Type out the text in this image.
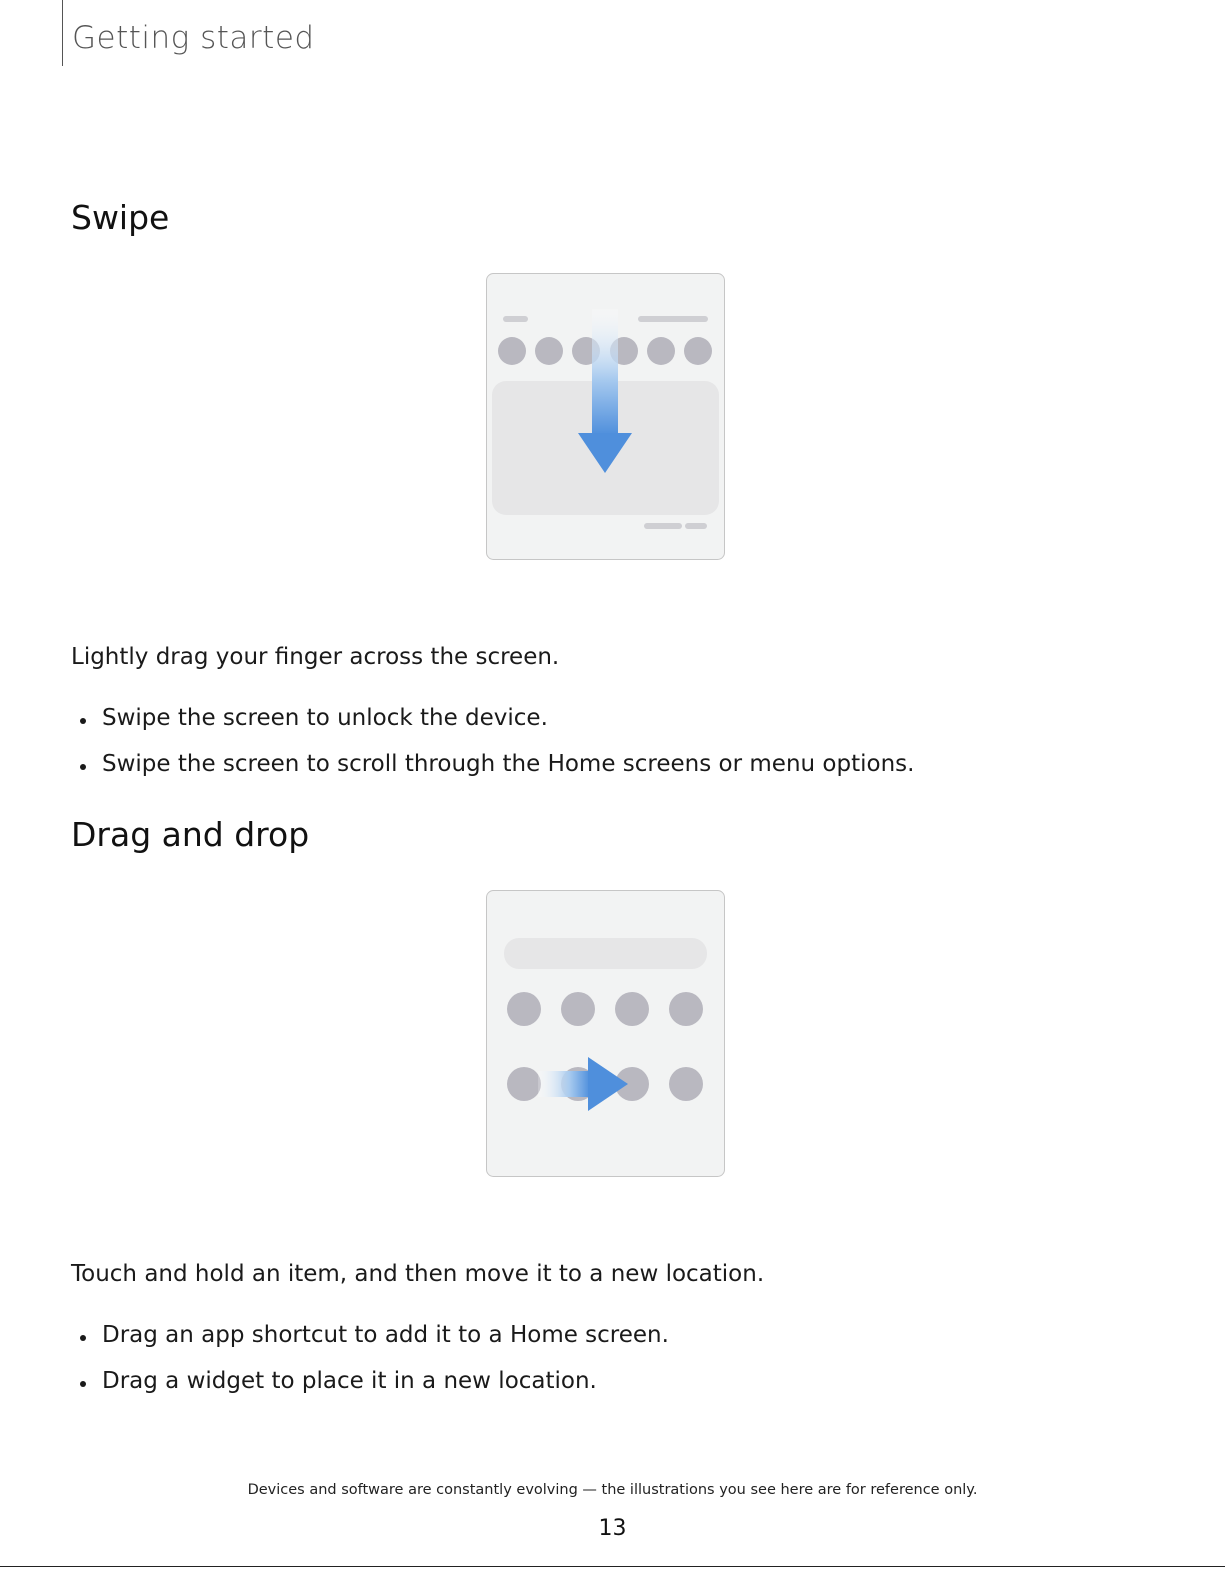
Getting started
Swipe

Lightly drag your finger across the screen.

Swipe the screen to unlock the device.
Swipe the screen to scroll through the Home screens or menu options.
Drag and drop

Touch and hold an item, and then move it to a new location.

Drag an app shortcut to add it to a Home screen.
Drag a widget to place it in a new location.
Devices and software are constantly evolving — the illustrations you see here are for reference only.
13
